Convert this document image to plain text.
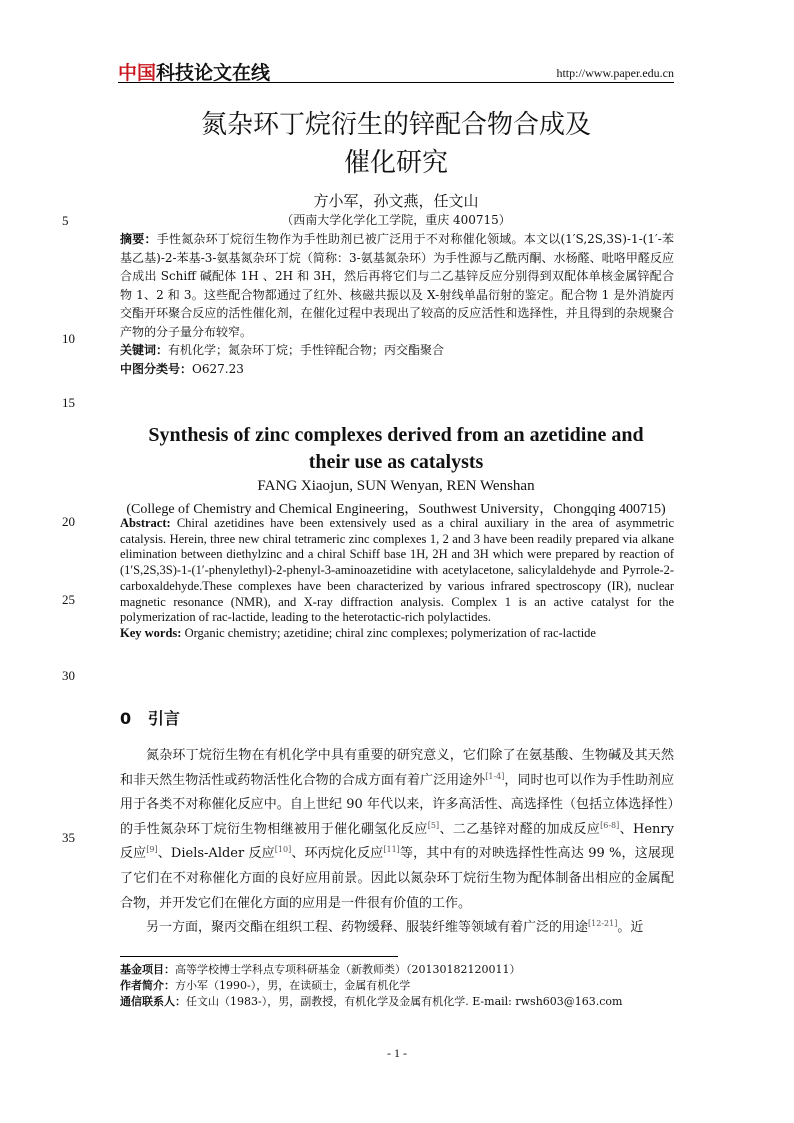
中国科技论文在线	http://www.paper.edu.cn
氮杂环丁烷衍生的锌配合物合成及
催化研究
方小军，孙文燕，任文山
（西南大学化学化工学院，重庆 400715）
5
10
15
20
25
30
35
摘要：手性氮杂环丁烷衍生物作为手性助剂已被广泛用于不对称催化领域。本文以(1′S,2S,3S)-1-(1′-苯基乙基)-2-苯基-3-氨基氮杂环丁烷（简称：3-氨基氮杂环）为手性源与乙酰丙酮、水杨醛、吡咯甲醛反应合成出 Schiff 碱配体 1H 、2H 和 3H，然后再将它们与二乙基锌反应分别得到双配体单核金属锌配合物 1、2 和 3。这些配合物都通过了红外、核磁共振以及 X-射线单晶衍射的鉴定。配合物 1 是外消旋丙交酯开环聚合反应的活性催化剂，在催化过程中表现出了较高的反应活性和选择性，并且得到的杂规聚合产物的分子量分布较窄。
关键词：有机化学；氮杂环丁烷；手性锌配合物；丙交酯聚合
中图分类号：O627.23
Synthesis of zinc complexes derived from an azetidine and
their use as catalysts
FANG Xiaojun, SUN Wenyan, REN Wenshan
(College of Chemistry and Chemical Engineering，Southwest University，Chongqing 400715)
Abstract: Chiral azetidines have been extensively used as a chiral auxiliary in the area of asymmetric catalysis. Herein, three new chiral tetrameric zinc complexes 1, 2 and 3 have been readily prepared via alkane elimination between diethylzinc and a chiral Schiff base 1H, 2H and 3H which were prepared by reaction of (1′S,2S,3S)-1-(1′-phenylethyl)-2-phenyl-3-aminoazetidine with acetylacetone, salicylaldehyde and Pyrrole-2-carboxaldehyde.These complexes have been characterized by various infrared spectroscopy (IR), nuclear magnetic resonance (NMR), and X-ray diffraction analysis. Complex 1 is an active catalyst for the polymerization of rac-lactide, leading to the heterotactic-rich polylactides.
Key words: Organic chemistry; azetidine; chiral zinc complexes; polymerization of rac-lactide
0 引言

氮杂环丁烷衍生物在有机化学中具有重要的研究意义，它们除了在氨基酸、生物碱及其天然和非天然生物活性或药物活性化合物的合成方面有着广泛用途外[1-4]，同时也可以作为手性助剂应用于各类不对称催化反应中。自上世纪 90 年代以来，许多高活性、高选择性（包括立体选择性）的手性氮杂环丁烷衍生物相继被用于催化硼氢化反应[5]、二乙基锌对醛的加成反应[6-8]、Henry 反应[9]、Diels-Alder 反应[10]、环丙烷化反应[11]等，其中有的对映选择性性高达 99 %，这展现了它们在不对称催化方面的良好应用前景。因此以氮杂环丁烷衍生物为配体制备出相应的金属配合物，并开发它们在催化方面的应用是一件很有价值的工作。

另一方面，聚丙交酯在组织工程、药物缓释、服装纤维等领域有着广泛的用途[12-21]。近

基金项目：高等学校博士学科点专项科研基金（新教师类）（20130182120011）
作者简介：方小军（1990-），男，在读硕士，金属有机化学
通信联系人：任文山（1983-），男，副教授，有机化学及金属有机化学. E-mail: rwsh603@163.com
- 1 -
